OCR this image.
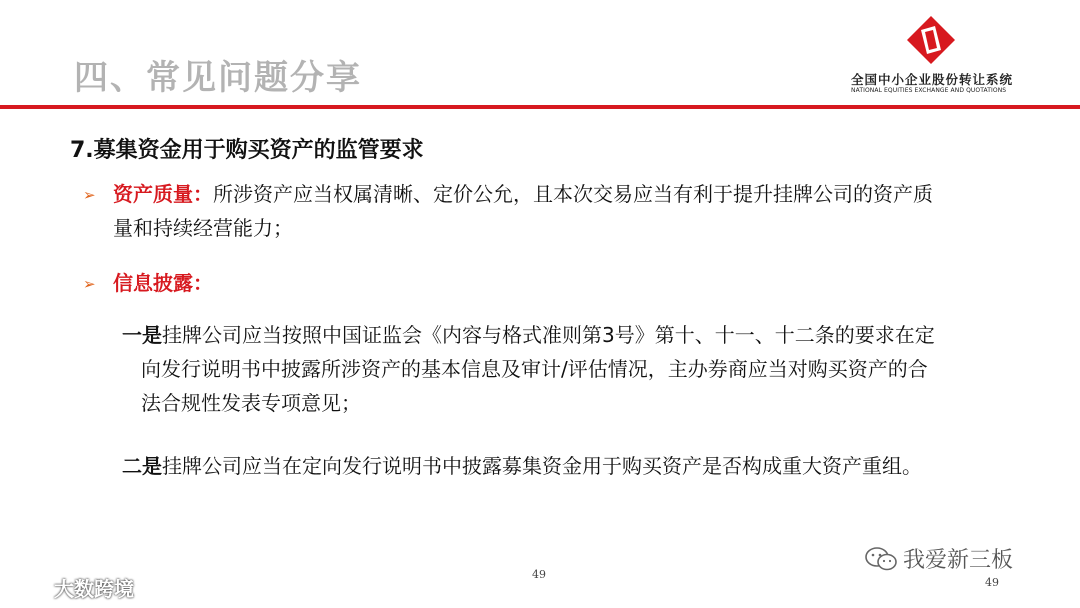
四、常见问题分享	全国中小企业股份转让系统
NATIONAL EQUITIES EXCHANGE AND QUOTATIONS
7.募集资金用于购买资产的监管要求
➢ 资产质量：所涉资产应当权属清晰、定价公允，且本次交易应当有利于提升挂牌公司的资产质
量和持续经营能力；
➢ 信息披露：
一是挂牌公司应当按照中国证监会《内容与格式准则第3号》第十、十一、十二条的要求在定
向发行说明书中披露所涉资产的基本信息及审计/评估情况，主办券商应当对购买资产的合
法合规性发表专项意见；
二是挂牌公司应当在定向发行说明书中披露募集资金用于购买资产是否构成重大资产重组。
49
49
我爱新三板
大数跨境
